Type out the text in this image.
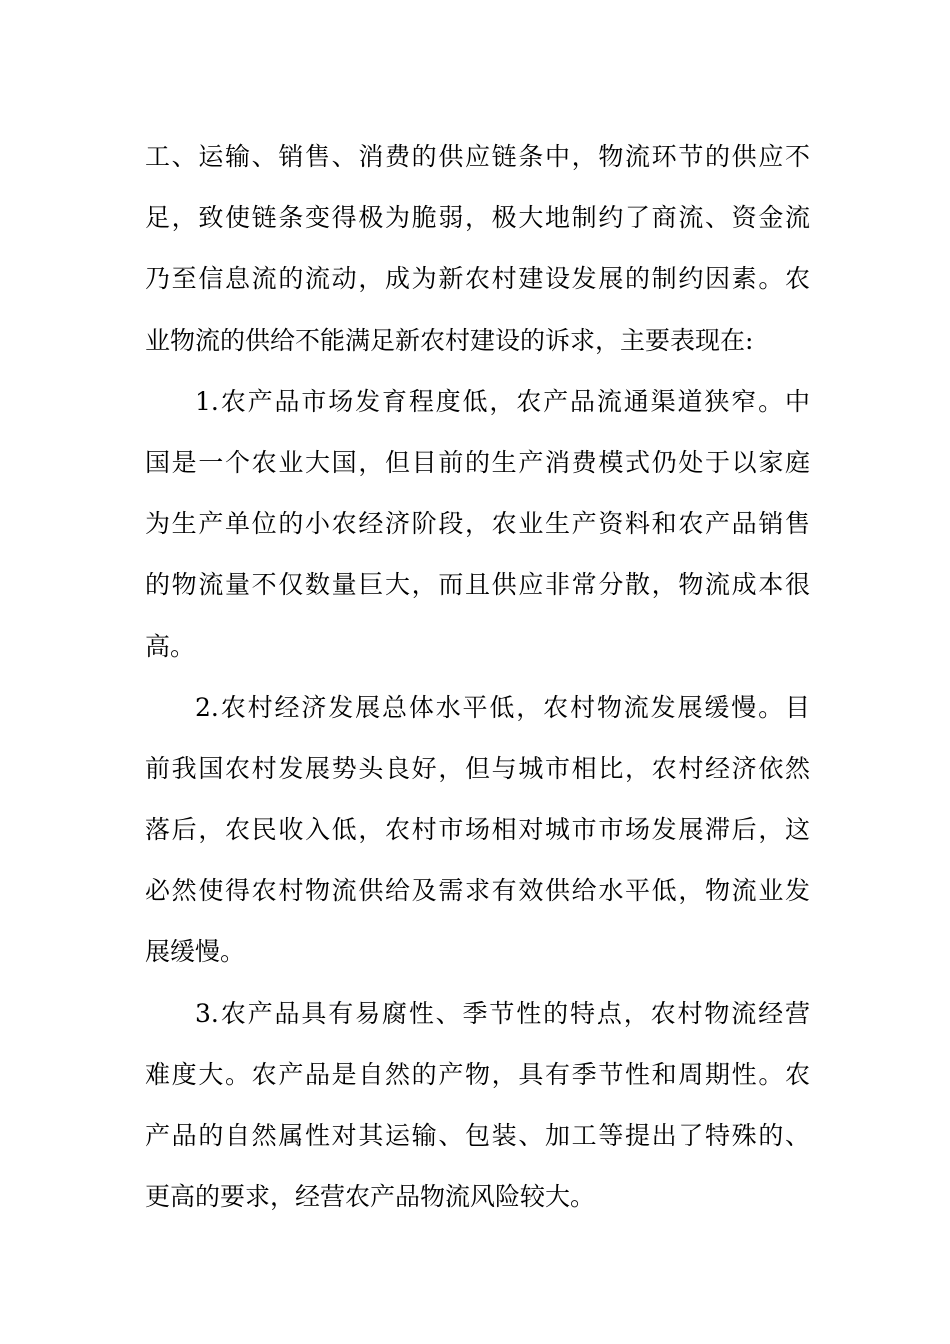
工、运输、销售、消费的供应链条中，物流环节的供应不
足，致使链条变得极为脆弱，极大地制约了商流、资金流
乃至信息流的流动，成为新农村建设发展的制约因素。农
业物流的供给不能满足新农村建设的诉求，主要表现在:
1.农产品市场发育程度低，农产品流通渠道狭窄。中
国是一个农业大国，但目前的生产消费模式仍处于以家庭
为生产单位的小农经济阶段，农业生产资料和农产品销售
的物流量不仅数量巨大，而且供应非常分散，物流成本很
高。
2.农村经济发展总体水平低，农村物流发展缓慢。目
前我国农村发展势头良好，但与城市相比，农村经济依然
落后，农民收入低，农村市场相对城市市场发展滞后，这
必然使得农村物流供给及需求有效供给水平低，物流业发
展缓慢。
3.农产品具有易腐性、季节性的特点，农村物流经营
难度大。农产品是自然的产物，具有季节性和周期性。农
产品的自然属性对其运输、包装、加工等提出了特殊的、
更高的要求，经营农产品物流风险较大。
